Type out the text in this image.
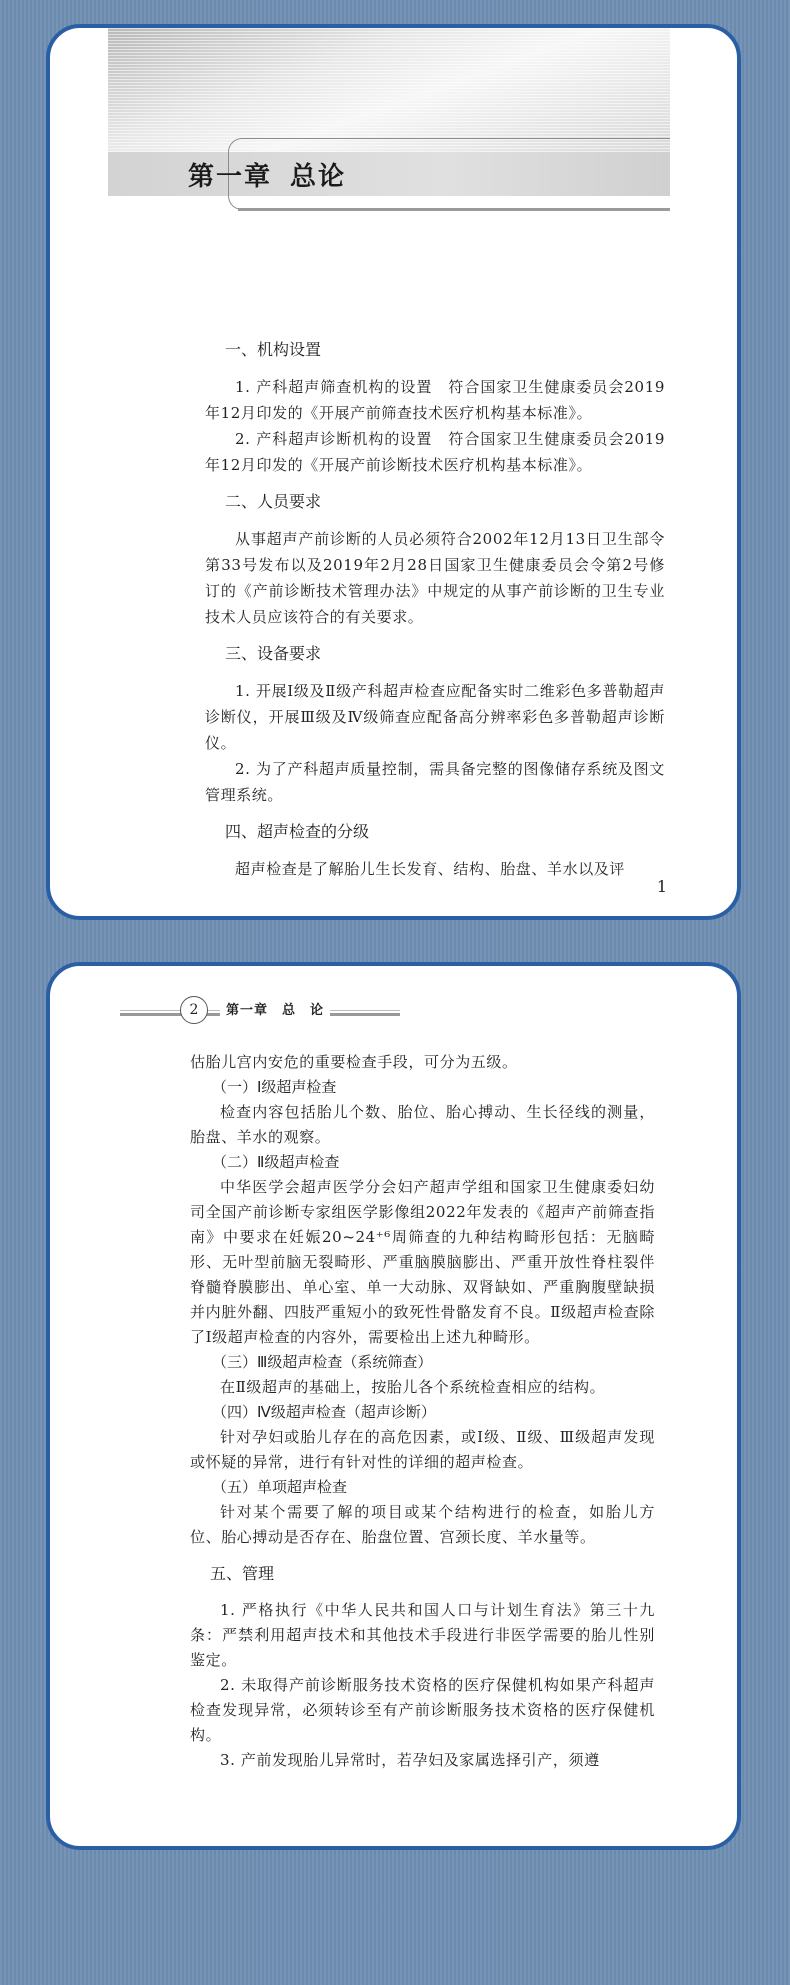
第一章 总论

一、机构设置

1. 产科超声筛查机构的设置　符合国家卫生健康委员会2019年12月印发的《开展产前筛查技术医疗机构基本标准》。

2. 产科超声诊断机构的设置　符合国家卫生健康委员会2019年12月印发的《开展产前诊断技术医疗机构基本标准》。

二、人员要求

从事超声产前诊断的人员必须符合2002年12月13日卫生部令第33号发布以及2019年2月28日国家卫生健康委员会令第2号修订的《产前诊断技术管理办法》中规定的从事产前诊断的卫生专业技术人员应该符合的有关要求。

三、设备要求

1. 开展Ⅰ级及Ⅱ级产科超声检查应配备实时二维彩色多普勒超声诊断仪，开展Ⅲ级及Ⅳ级筛查应配备高分辨率彩色多普勒超声诊断仪。

2. 为了产科超声质量控制，需具备完整的图像储存系统及图文管理系统。

四、超声检查的分级

超声检查是了解胎儿生长发育、结构、胎盘、羊水以及评

1
2	第一章　总　论

估胎儿宫内安危的重要检查手段，可分为五级。

（一）Ⅰ级超声检查

检查内容包括胎儿个数、胎位、胎心搏动、生长径线的测量，胎盘、羊水的观察。

（二）Ⅱ级超声检查

中华医学会超声医学分会妇产超声学组和国家卫生健康委妇幼司全国产前诊断专家组医学影像组2022年发表的《超声产前筛查指南》中要求在妊娠20~24⁺⁶周筛查的九种结构畸形包括：无脑畸形、无叶型前脑无裂畸形、严重脑膜脑膨出、严重开放性脊柱裂伴脊髓脊膜膨出、单心室、单一大动脉、双肾缺如、严重胸腹壁缺损并内脏外翻、四肢严重短小的致死性骨骼发育不良。Ⅱ级超声检查除了Ⅰ级超声检查的内容外，需要检出上述九种畸形。

（三）Ⅲ级超声检查（系统筛查）

在Ⅱ级超声的基础上，按胎儿各个系统检查相应的结构。

（四）Ⅳ级超声检查（超声诊断）

针对孕妇或胎儿存在的高危因素，或Ⅰ级、Ⅱ级、Ⅲ级超声发现或怀疑的异常，进行有针对性的详细的超声检查。

（五）单项超声检查

针对某个需要了解的项目或某个结构进行的检查，如胎儿方位、胎心搏动是否存在、胎盘位置、宫颈长度、羊水量等。

五、管理

1. 严格执行《中华人民共和国人口与计划生育法》第三十九条：严禁利用超声技术和其他技术手段进行非医学需要的胎儿性别鉴定。

2. 未取得产前诊断服务技术资格的医疗保健机构如果产科超声检查发现异常，必须转诊至有产前诊断服务技术资格的医疗保健机构。

3. 产前发现胎儿异常时，若孕妇及家属选择引产，须遵
